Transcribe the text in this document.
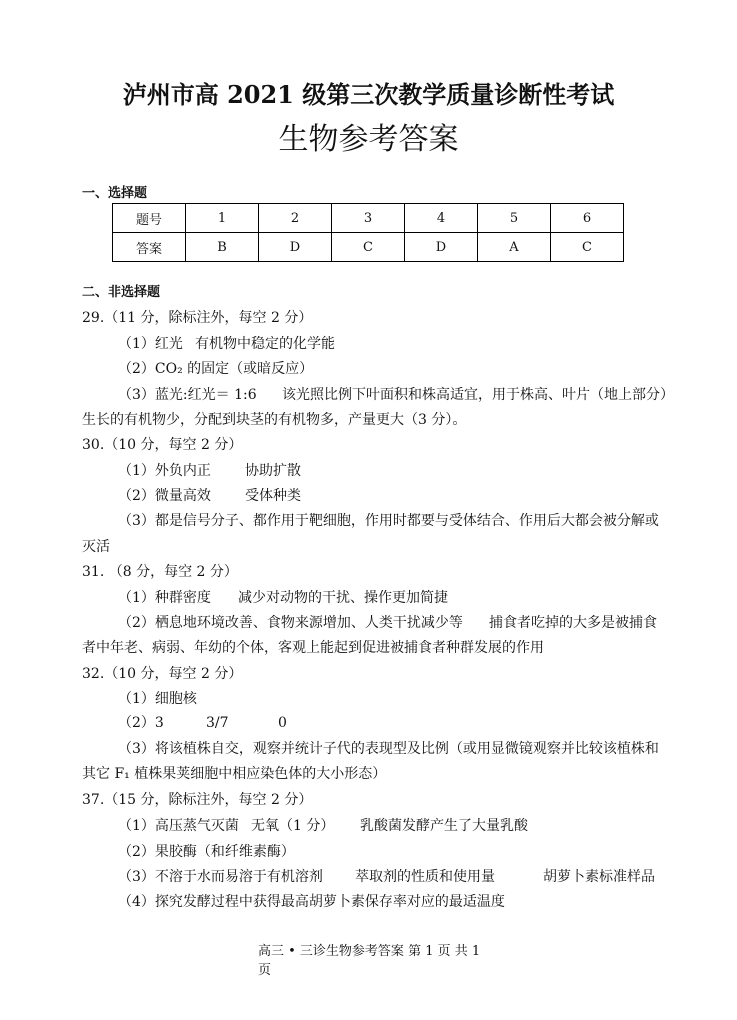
泸州市高 2021 级第三次教学质量诊断性考试
生物参考答案
一、选择题
题号	1	2	3	4	5	6
答案	B	D	C	D	A	C
二、非选择题
29.（11 分，除标注外，每空 2 分）
（1）红光 有机物中稳定的化学能
（2）CO₂ 的固定（或暗反应）
（3）蓝光:红光＝ 1:6 该光照比例下叶面积和株高适宜，用于株高、叶片（地上部分）
生长的有机物少，分配到块茎的有机物多，产量更大（3 分）。
30.（10 分，每空 2 分）
（1）外负内正 协助扩散
（2）微量高效 受体种类
（3）都是信号分子、都作用于靶细胞，作用时都要与受体结合、作用后大都会被分解或
灭活
31. （8 分，每空 2 分）
（1）种群密度 减少对动物的干扰、操作更加简捷
（2）栖息地环境改善、食物来源增加、人类干扰减少等 捕食者吃掉的大多是被捕食
者中年老、病弱、年幼的个体，客观上能起到促进被捕食者种群发展的作用
32.（10 分，每空 2 分）
（1）细胞核
（2）3	3/7	0
（3）将该植株自交，观察并统计子代的表现型及比例（或用显微镜观察并比较该植株和
其它 F₁ 植株果荚细胞中相应染色体的大小形态）
37.（15 分，除标注外，每空 2 分）
（1）高压蒸气灭菌 无氧（1 分） 乳酸菌发酵产生了大量乳酸
（2）果胶酶（和纤维素酶）
（3）不溶于水而易溶于有机溶剂 萃取剂的性质和使用量	胡萝卜素标准样品
（4）探究发酵过程中获得最高胡萝卜素保存率对应的最适温度
高三 • 三诊生物参考答案 第 1 页 共 1
页
